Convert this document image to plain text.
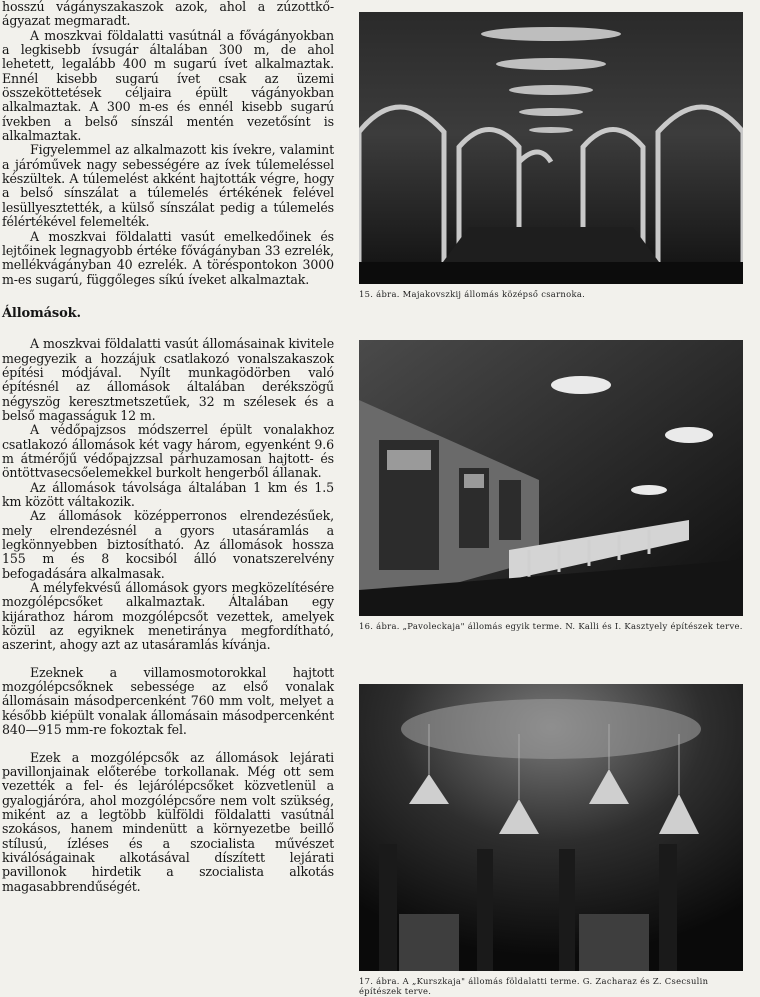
hosszú vágányszakaszok azok, ahol a zúzottkő-ágyazat megmaradt.

A moszkvai földalatti vasútnál a fővágányokban a legkisebb ívsugár általában 300 m, de ahol lehetett, legalább 400 m sugarú ívet alkalmaztak. Ennél kisebb sugarú ívet csak az üzemi összeköttetések céljaira épült vágányokban alkalmaztak. A 300 m-es és ennél kisebb sugarú ívekben a belső sínszál mentén vezetősínt is alkalmaztak.

Figyelemmel az alkalmazott kis ívekre, valamint a járóművek nagy sebességére az ívek túlemeléssel készültek. A túlemelést akként hajtották végre, hogy a belső sínszálat a túlemelés értékének felével lesüllyesztették, a külső sínszálat pedig a túlemelés félértékével felemelték.

A moszkvai földalatti vasút emelkedőinek és lejtőinek legnagyobb értéke fővágányban 33 ezrelék, mellékvágányban 40 ezrelék. A töréspontokon 3000 m-es sugarú, függőleges síkú íveket alkalmaztak.

Állomások.

A moszkvai földalatti vasút állomásainak kivitele megegyezik a hozzájuk csatlakozó vonalszakaszok építési módjával. Nyílt munkagödörben való építésnél az állomások általában derékszögű négyszög keresztmetszetűek, 32 m szélesek és a belső magasságuk 12 m.

A védőpajzsos módszerrel épült vonalakhoz csatlakozó állomások két vagy három, egyenként 9.6 m átmérőjű védőpajzzsal párhuzamosan hajtott- és öntöttvasecsőelemekkel burkolt hengerből állanak.

Az állomások távolsága általában 1 km és 1.5 km között váltakozik.

Az állomások középperronos elrendezésűek, mely elrendezésnél a gyors utasáramlás a legkönnyebben biztosítható. Az állomások hossza 155 m és 8 kocsiból álló vonatszerelvény befogadására alkalmasak.

A mélyfekvésű állomások gyors megközelítésére mozgólépcsőket alkalmaztak. Általában egy kijárathoz három mozgólépcsőt vezettek, amelyek közül az egyiknek menetiránya megfordítható, aszerint, ahogy azt az utasáramlás kívánja.

Ezeknek a villamosmotorokkal hajtott mozgólépcsőknek sebessége az első vonalak állomásain másodpercenként 760 mm volt, melyet a később kiépült vonalak állomásain másodpercenként 840—915 mm-re fokoztak fel.

Ezek a mozgólépcsők az állomások lejárati pavillonjainak előterébe torkollanak. Még ott sem vezették a fel- és lejárólépcsőket közvetlenül a gyalogjáróra, ahol mozgólépcsőre nem volt szükség, miként az a legtöbb külföldi földalatti vasútnál szokásos, hanem mindenütt a környezetbe beillő stílusú, ízléses és a szocialista művészet kiválóságainak alkotásával díszített lejárati pavillonok hirdetik a szocialista alkotás magasabbrendűségét.

15. ábra. Majakovszkij állomás középső csarnoka.
16. ábra. „Pavoleckaja" állomás egyik terme. N. Kalli és I. Kasztyely építészek terve.
17. ábra. A „Kurszkaja" állomás földalatti terme. G. Zacharaz és Z. Csecsulin építészek terve.
